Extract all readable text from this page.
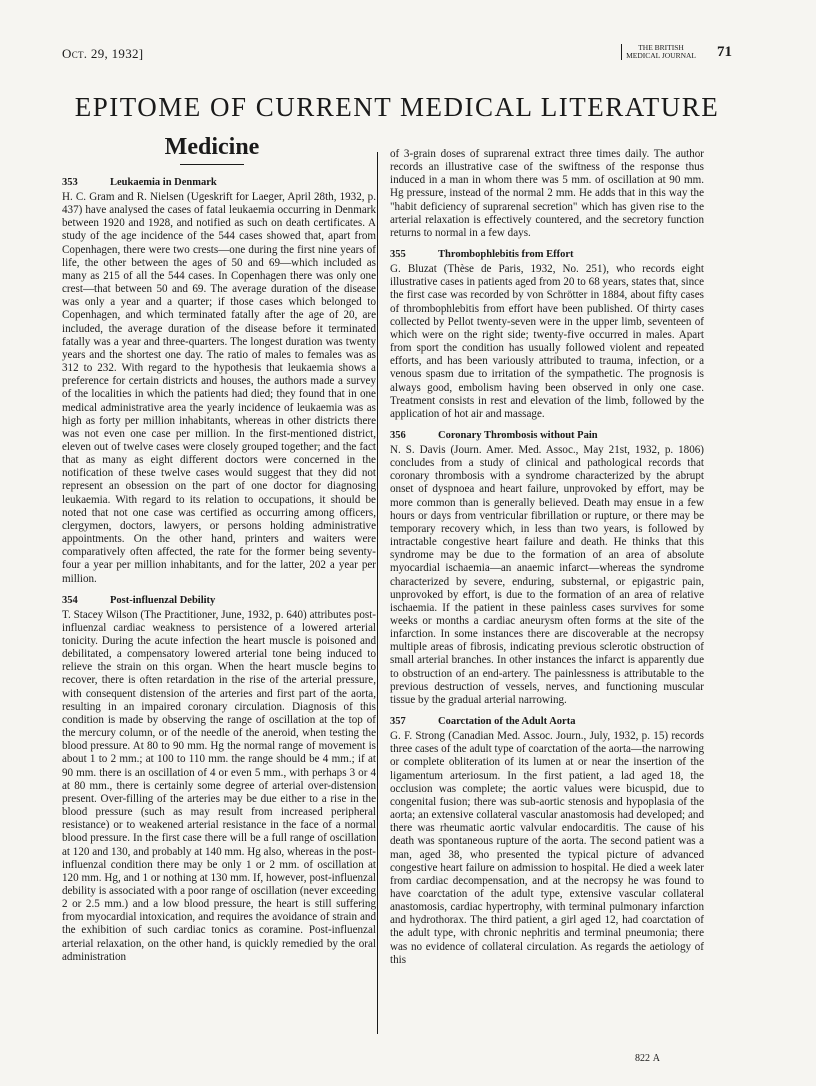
Oct. 29, 1932]	THE BRITISH
MEDICAL JOURNAL 71
EPITOME OF CURRENT MEDICAL LITERATURE
Medicine
353	Leukaemia in Denmark

H. C. Gram and R. Nielsen (Ugeskrift for Laeger, April 28th, 1932, p. 437) have analysed the cases of fatal leukaemia occurring in Denmark between 1920 and 1928, and notified as such on death certificates. A study of the age incidence of the 544 cases showed that, apart from Copenhagen, there were two crests—one during the first nine years of life, the other between the ages of 50 and 69—which included as many as 215 of all the 544 cases. In Copenhagen there was only one crest—that between 50 and 69. The average duration of the disease was only a year and a quarter; if those cases which belonged to Copenhagen, and which terminated fatally after the age of 20, are included, the average duration of the disease before it terminated fatally was a year and three-quarters. The longest duration was twenty years and the shortest one day. The ratio of males to females was as 312 to 232. With regard to the hypothesis that leukaemia shows a preference for certain districts and houses, the authors made a survey of the localities in which the patients had died; they found that in one medical administrative area the yearly incidence of leukaemia was as high as forty per million inhabitants, whereas in other districts there was not even one case per million. In the first-mentioned district, eleven out of twelve cases were closely grouped together; and the fact that as many as eight different doctors were concerned in the notification of these twelve cases would suggest that they did not represent an obsession on the part of one doctor for diagnosing leukaemia. With regard to its relation to occupations, it should be noted that not one case was certified as occurring among officers, clergymen, doctors, lawyers, or persons holding administrative appointments. On the other hand, printers and waiters were comparatively often affected, the rate for the former being seventy-four a year per million inhabitants, and for the latter, 202 a year per million.

354	Post-influenzal Debility

T. Stacey Wilson (The Practitioner, June, 1932, p. 640) attributes post-influenzal cardiac weakness to persistence of a lowered arterial tonicity. During the acute infection the heart muscle is poisoned and debilitated, a compensatory lowered arterial tone being induced to relieve the strain on this organ. When the heart muscle begins to recover, there is often retardation in the rise of the arterial pressure, with consequent distension of the arteries and first part of the aorta, resulting in an impaired coronary circulation. Diagnosis of this condition is made by observing the range of oscillation at the top of the mercury column, or of the needle of the aneroid, when testing the blood pressure. At 80 to 90 mm. Hg the normal range of movement is about 1 to 2 mm.; at 100 to 110 mm. the range should be 4 mm.; if at 90 mm. there is an oscillation of 4 or even 5 mm., with perhaps 3 or 4 at 80 mm., there is certainly some degree of arterial over-distension present. Over-filling of the arteries may be due either to a rise in the blood pressure (such as may result from increased peripheral resistance) or to weakened arterial resistance in the face of a normal blood pressure. In the first case there will be a full range of oscillation at 120 and 130, and probably at 140 mm. Hg also, whereas in the post-influenzal condition there may be only 1 or 2 mm. of oscillation at 120 mm. Hg, and 1 or nothing at 130 mm. If, however, post-influenzal debility is associated with a poor range of oscillation (never exceeding 2 or 2.5 mm.) and a low blood pressure, the heart is still suffering from myocardial intoxication, and requires the avoidance of strain and the exhibition of such cardiac tonics as coramine. Post-influenzal arterial relaxation, on the other hand, is quickly remedied by the oral administration

of 3-grain doses of suprarenal extract three times daily. The author records an illustrative case of the swiftness of the response thus induced in a man in whom there was 5 mm. of oscillation at 90 mm. Hg pressure, instead of the normal 2 mm. He adds that in this way the "habit deficiency of suprarenal secretion" which has given rise to the arterial relaxation is effectively countered, and the secretory function returns to normal in a few days.

355	Thrombophlebitis from Effort

G. Bluzat (Thèse de Paris, 1932, No. 251), who records eight illustrative cases in patients aged from 20 to 68 years, states that, since the first case was recorded by von Schrötter in 1884, about fifty cases of thrombophlebitis from effort have been published. Of thirty cases collected by Pellot twenty-seven were in the upper limb, seventeen of which were on the right side; twenty-five occurred in males. Apart from sport the condition has usually followed violent and repeated efforts, and has been variously attributed to trauma, infection, or a venous spasm due to irritation of the sympathetic. The prognosis is always good, embolism having been observed in only one case. Treatment consists in rest and elevation of the limb, followed by the application of hot air and massage.

356	Coronary Thrombosis without Pain

N. S. Davis (Journ. Amer. Med. Assoc., May 21st, 1932, p. 1806) concludes from a study of clinical and pathological records that coronary thrombosis with a syndrome characterized by the abrupt onset of dyspnoea and heart failure, unprovoked by effort, may be more common than is generally believed. Death may ensue in a few hours or days from ventricular fibrillation or rupture, or there may be temporary recovery which, in less than two years, is followed by intractable congestive heart failure and death. He thinks that this syndrome may be due to the formation of an area of absolute myocardial ischaemia—an anaemic infarct—whereas the syndrome characterized by severe, enduring, substernal, or epigastric pain, unprovoked by effort, is due to the formation of an area of relative ischaemia. If the patient in these painless cases survives for some weeks or months a cardiac aneurysm often forms at the site of the infarction. In some instances there are discoverable at the necropsy multiple areas of fibrosis, indicating previous sclerotic obstruction of small arterial branches. In other instances the infarct is apparently due to obstruction of an end-artery. The painlessness is attributable to the previous destruction of vessels, nerves, and functioning muscular tissue by the gradual arterial narrowing.

357	Coarctation of the Adult Aorta

G. F. Strong (Canadian Med. Assoc. Journ., July, 1932, p. 15) records three cases of the adult type of coarctation of the aorta—the narrowing or complete obliteration of its lumen at or near the insertion of the ligamentum arteriosum. In the first patient, a lad aged 18, the occlusion was complete; the aortic values were bicuspid, due to congenital fusion; there was sub-aortic stenosis and hypoplasia of the aorta; an extensive collateral vascular anastomosis had developed; and there was rheumatic aortic valvular endocarditis. The cause of his death was spontaneous rupture of the aorta. The second patient was a man, aged 38, who presented the typical picture of advanced congestive heart failure on admission to hospital. He died a week later from cardiac decompensation, and at the necropsy he was found to have coarctation of the adult type, extensive vascular collateral anastomosis, cardiac hypertrophy, with terminal pulmonary infarction and hydrothorax. The third patient, a girl aged 12, had coarctation of the adult type, with chronic nephritis and terminal pneumonia; there was no evidence of collateral circulation. As regards the aetiology of this

822 A
